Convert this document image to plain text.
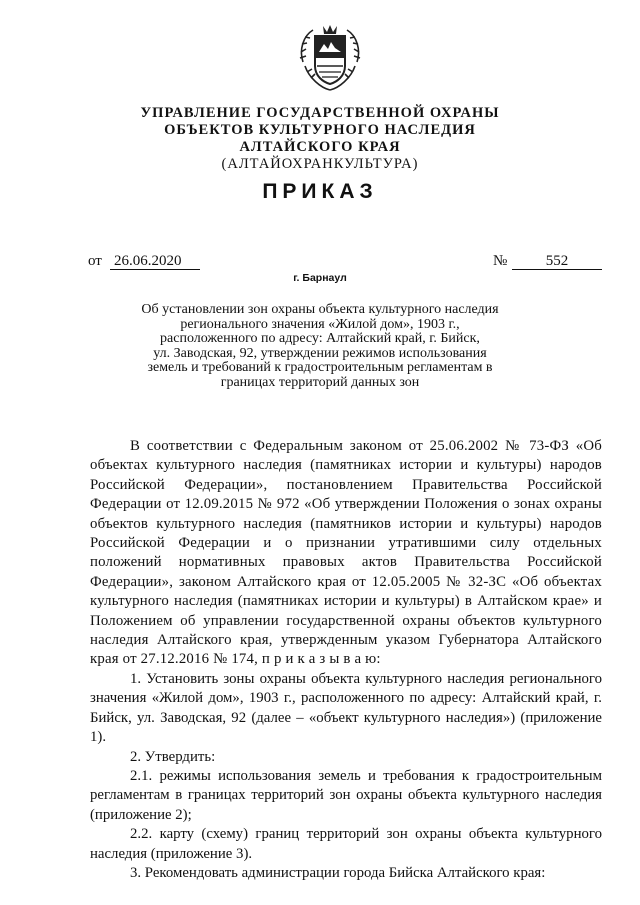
УПРАВЛЕНИЕ ГОСУДАРСТВЕННОЙ ОХРАНЫ
ОБЪЕКТОВ КУЛЬТУРНОГО НАСЛЕДИЯ
АЛТАЙСКОГО КРАЯ
(АЛТАЙОХРАНКУЛЬТУРА)
ПРИКАЗ
от 26.06.2020	№	552
г. Барнаул
Об установлении зон охраны объекта культурного наследия
регионального значения «Жилой дом», 1903 г.,
расположенного по адресу: Алтайский край, г. Бийск,
ул. Заводская, 92, утверждении режимов использования
земель и требований к градостроительным регламентам в
границах территорий данных зон

В соответствии с Федеральным законом от 25.06.2002 № 73-ФЗ «Об объектах культурного наследия (памятниках истории и культуры) народов Российской Федерации», постановлением Правительства Российской Федерации от 12.09.2015 № 972 «Об утверждении Положения о зонах охраны объектов культурного наследия (памятников истории и культуры) народов Российской Федерации и о признании утратившими силу отдельных положений нормативных правовых актов Правительства Российской Федерации», законом Алтайского края от 12.05.2005 № 32-ЗС «Об объектах культурного наследия (памятниках истории и культуры) в Алтайском крае» и Положением об управлении государственной охраны объектов культурного наследия Алтайского края, утвержденным указом Губернатора Алтайского края от 27.12.2016 № 174, п р и к а з ы в а ю:

1. Установить зоны охраны объекта культурного наследия регионального значения «Жилой дом», 1903 г., расположенного по адресу: Алтайский край, г. Бийск, ул. Заводская, 92 (далее – «объект культурного наследия») (приложение 1).

2. Утвердить:

2.1. режимы использования земель и требования к градостроительным регламентам в границах территорий зон охраны объекта культурного наследия (приложение 2);

2.2. карту (схему) границ территорий зон охраны объекта культурного наследия (приложение 3).

3. Рекомендовать администрации города Бийска Алтайского края:
